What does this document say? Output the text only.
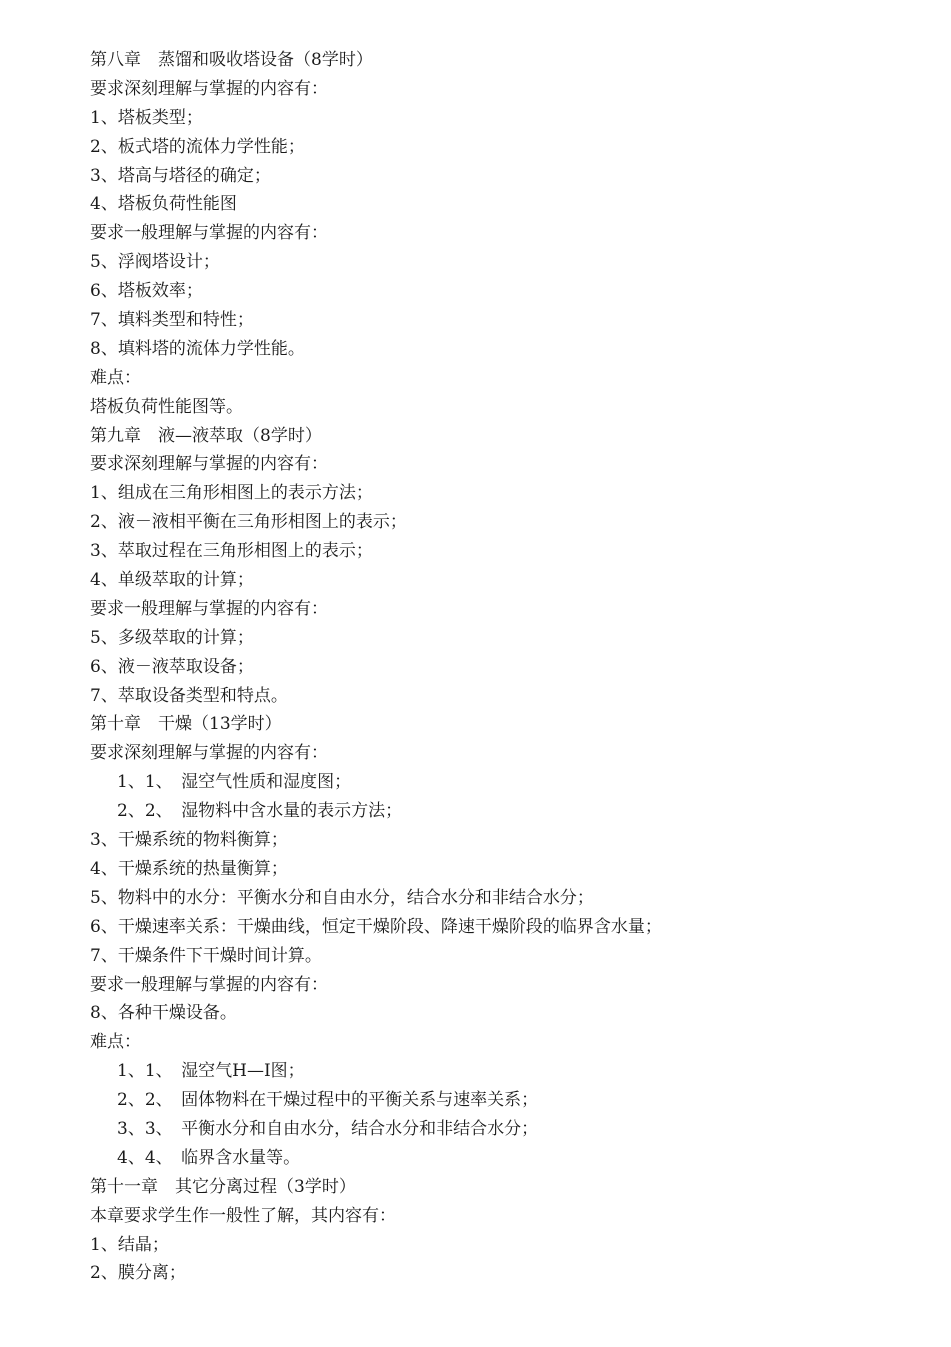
第八章　蒸馏和吸收塔设备（8学时）

要求深刻理解与掌握的内容有：

1、塔板类型；

2、板式塔的流体力学性能；

3、塔高与塔径的确定；

4、塔板负荷性能图

要求一般理解与掌握的内容有：

5、浮阀塔设计；

6、塔板效率；

7、填料类型和特性；

8、填料塔的流体力学性能。

难点：

塔板负荷性能图等。

第九章　液—液萃取（8学时）

要求深刻理解与掌握的内容有：

1、组成在三角形相图上的表示方法；

2、液－液相平衡在三角形相图上的表示；

3、萃取过程在三角形相图上的表示；

4、单级萃取的计算；

要求一般理解与掌握的内容有：

5、多级萃取的计算；

6、液－液萃取设备；

7、萃取设备类型和特点。

第十章　干燥（13学时）

要求深刻理解与掌握的内容有：

1、1、　湿空气性质和湿度图；

2、2、　湿物料中含水量的表示方法；

3、干燥系统的物料衡算；

4、干燥系统的热量衡算；

5、物料中的水分：平衡水分和自由水分，结合水分和非结合水分；

6、干燥速率关系：干燥曲线，恒定干燥阶段、降速干燥阶段的临界含水量；

7、干燥条件下干燥时间计算。

要求一般理解与掌握的内容有：

8、各种干燥设备。

难点：

1、1、　湿空气H—I图；

2、2、　固体物料在干燥过程中的平衡关系与速率关系；

3、3、　平衡水分和自由水分，结合水分和非结合水分；

4、4、　临界含水量等。

第十一章　其它分离过程（3学时）

本章要求学生作一般性了解，其内容有：

1、结晶；

2、膜分离；
